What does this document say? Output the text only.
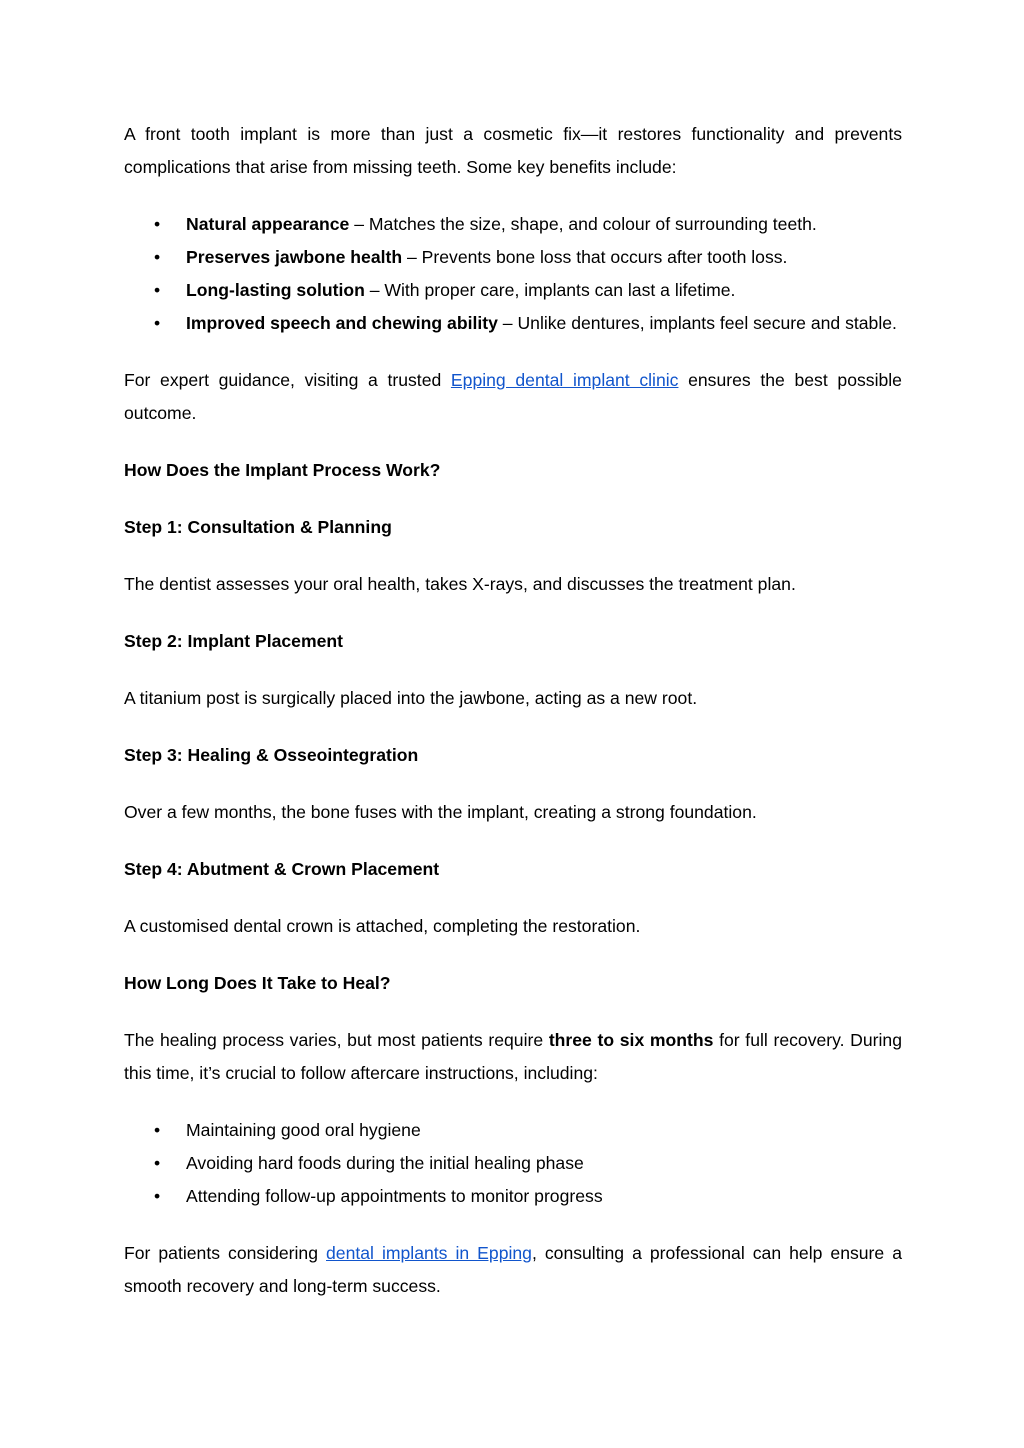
A front tooth implant is more than just a cosmetic fix—it restores functionality and prevents complications that arise from missing teeth. Some key benefits include:

• Natural appearance – Matches the size, shape, and colour of surrounding teeth.
• Preserves jawbone health – Prevents bone loss that occurs after tooth loss.
• Long-lasting solution – With proper care, implants can last a lifetime.
• Improved speech and chewing ability – Unlike dentures, implants feel secure and stable.

For expert guidance, visiting a trusted Epping dental implant clinic ensures the best possible outcome.

How Does the Implant Process Work?

Step 1: Consultation & Planning

The dentist assesses your oral health, takes X-rays, and discusses the treatment plan.

Step 2: Implant Placement

A titanium post is surgically placed into the jawbone, acting as a new root.

Step 3: Healing & Osseointegration

Over a few months, the bone fuses with the implant, creating a strong foundation.

Step 4: Abutment & Crown Placement

A customised dental crown is attached, completing the restoration.

How Long Does It Take to Heal?

The healing process varies, but most patients require three to six months for full recovery. During this time, it’s crucial to follow aftercare instructions, including:

• Maintaining good oral hygiene
• Avoiding hard foods during the initial healing phase
• Attending follow-up appointments to monitor progress

For patients considering dental implants in Epping, consulting a professional can help ensure a smooth recovery and long-term success.
